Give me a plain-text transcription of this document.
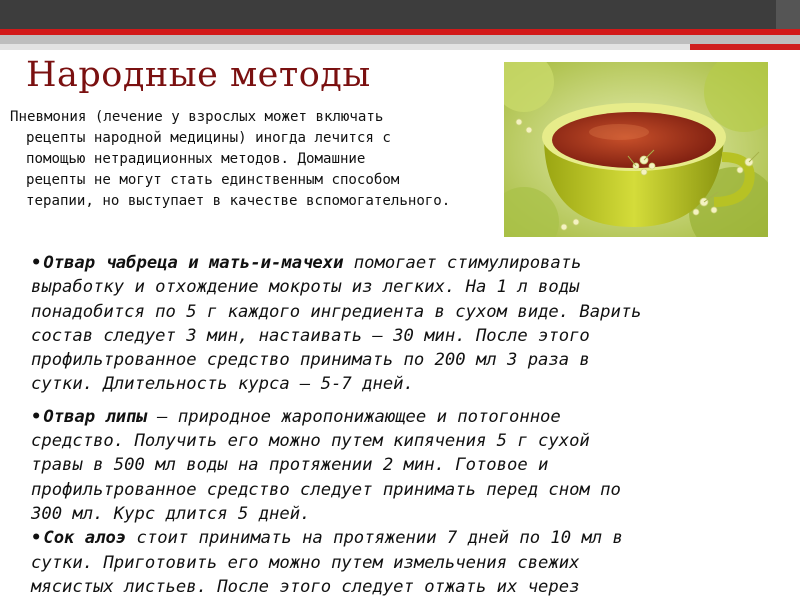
Народные методы
Пневмония (лечение у взрослых может включать
рецепты народной медицины) иногда лечится с
помощью нетрадиционных методов. Домашние
рецепты не могут стать единственным способом
терапии, но выступает в качестве вспомогательного.
• Отвар чабреца и мать-и-мачехи помогает стимулировать
выработку и отхождение мокроты из легких. На 1 л воды
понадобится по 5 г каждого ингредиента в сухом виде. Варить
состав следует 3 мин, настаивать – 30 мин. После этого
профильтрованное средство принимать по 200 мл 3 раза в
сутки. Длительность курса – 5-7 дней.
• Отвар липы – природное жаропонижающее и потогонное
средство. Получить его можно путем кипячения 5 г сухой
травы в 500 мл воды на протяжении 2 мин. Готовое и
профильтрованное средство следует принимать перед сном по
300 мл. Курс длится 5 дней.
• Сок алоэ стоит принимать на протяжении 7 дней по 10 мл в
сутки. Приготовить его можно путем измельчения свежих
мясистых листьев. После этого следует отжать их через
